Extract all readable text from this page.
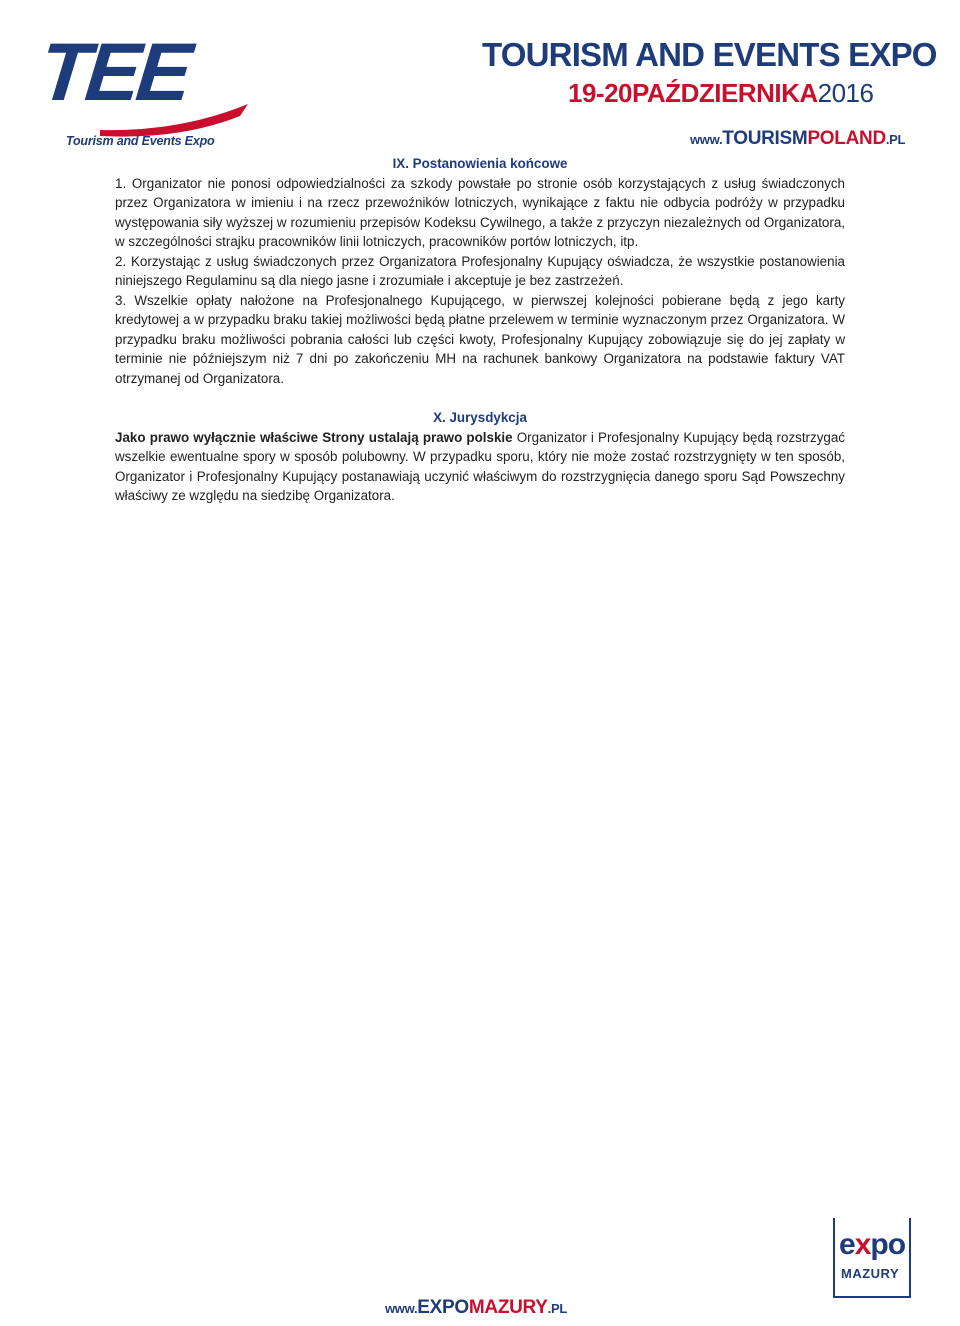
TEE
Tourism and Events Expo
TOURISM AND EVENTS EXPO
19-20PAŹDZIERNIKA2016
www.TOURISMPOLAND.PL

IX. Postanowienia końcowe

1. Organizator nie ponosi odpowiedzialności za szkody powstałe po stronie osób korzystających z usług świadczonych przez Organizatora w imieniu i na rzecz przewoźników lotniczych, wynikające z faktu nie odbycia podróży w przypadku występowania siły wyższej w rozumieniu przepisów Kodeksu Cywilnego, a także z przyczyn niezależnych od Organizatora, w szczególności strajku pracowników linii lotniczych, pracowników portów lotniczych, itp.

2. Korzystając z usług świadczonych przez Organizatora Profesjonalny Kupujący oświadcza, że wszystkie postanowienia niniejszego Regulaminu są dla niego jasne i zrozumiałe i akceptuje je bez zastrzeżeń.

3. Wszelkie opłaty nałożone na Profesjonalnego Kupującego, w pierwszej kolejności pobierane będą z jego karty kredytowej a w przypadku braku takiej możliwości będą płatne przelewem w terminie wyznaczonym przez Organizatora. W przypadku braku możliwości pobrania całości lub części kwoty, Profesjonalny Kupujący zobowiązuje się do jej zapłaty w terminie nie późniejszym niż 7 dni po zakończeniu MH na rachunek bankowy Organizatora na podstawie faktury VAT otrzymanej od Organizatora.

X. Jurysdykcja

Jako prawo wyłącznie właściwe Strony ustalają prawo polskie Organizator i Profesjonalny Kupujący będą rozstrzygać wszelkie ewentualne spory w sposób polubowny. W przypadku sporu, który nie może zostać rozstrzygnięty w ten sposób, Organizator i Profesjonalny Kupujący postanawiają uczynić właściwym do rozstrzygnięcia danego sporu Sąd Powszechny właściwy ze względu na siedzibę Organizatora.

expo
MAZURY
www.EXPOMAZURY.PL
